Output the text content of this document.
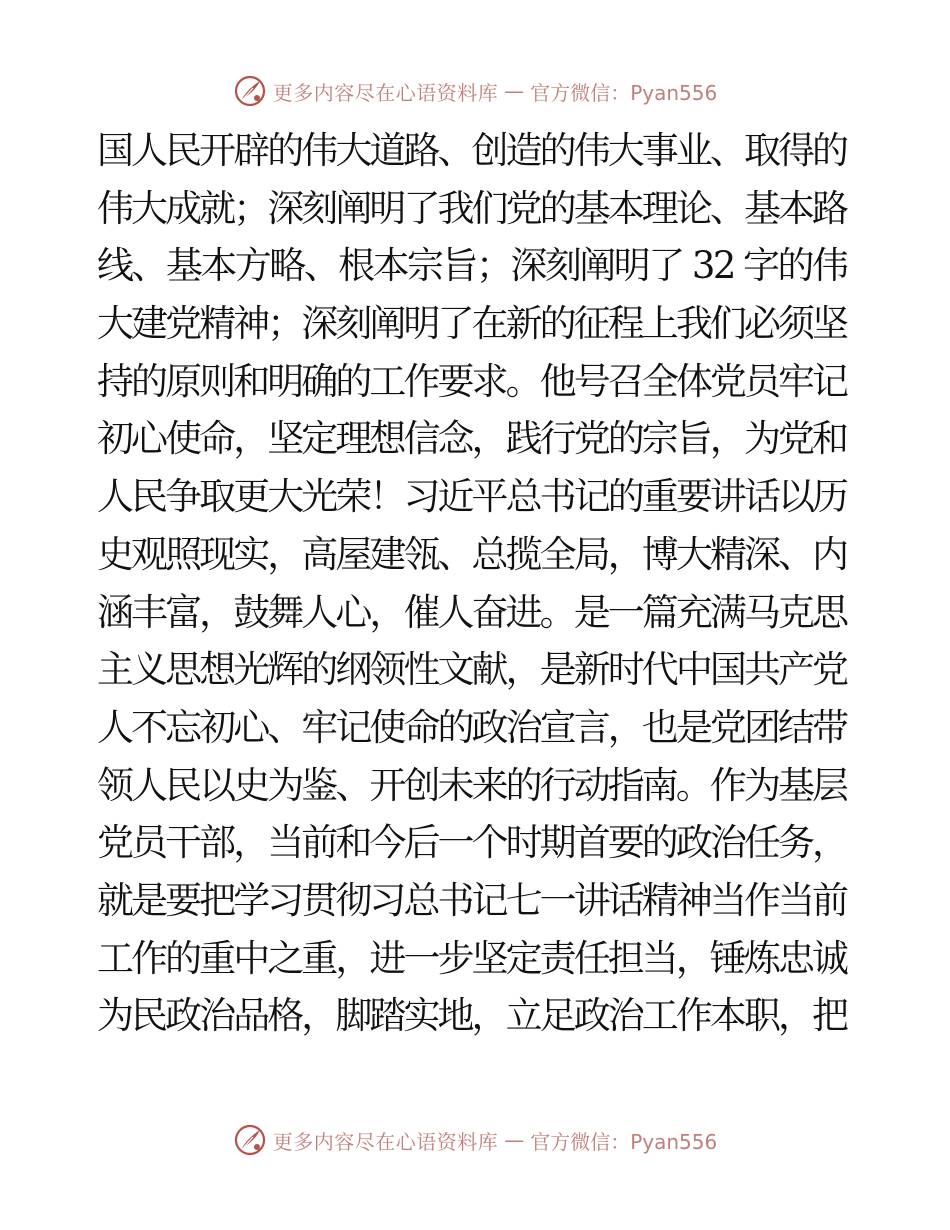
更多内容尽在心语资料库 — 官方微信：Pyan556
国人民开辟的伟大道路、创造的伟大事业、取得的
伟大成就；深刻阐明了我们党的基本理论、基本路
线、基本方略、根本宗旨；深刻阐明了 32 字的伟
大建党精神；深刻阐明了在新的征程上我们必须坚
持的原则和明确的工作要求。他号召全体党员牢记
初心使命，坚定理想信念，践行党的宗旨，为党和
人民争取更大光荣！习近平总书记的重要讲话以历
史观照现实，高屋建瓴、总揽全局，博大精深、内
涵丰富，鼓舞人心，催人奋进。是一篇充满马克思
主义思想光辉的纲领性文献，是新时代中国共产党
人不忘初心、牢记使命的政治宣言，也是党团结带
领人民以史为鉴、开创未来的行动指南。作为基层
党员干部，当前和今后一个时期首要的政治任务，
就是要把学习贯彻习总书记七一讲话精神当作当前
工作的重中之重，进一步坚定责任担当，锤炼忠诚
为民政治品格，脚踏实地，立足政治工作本职，把
更多内容尽在心语资料库 — 官方微信：Pyan556
